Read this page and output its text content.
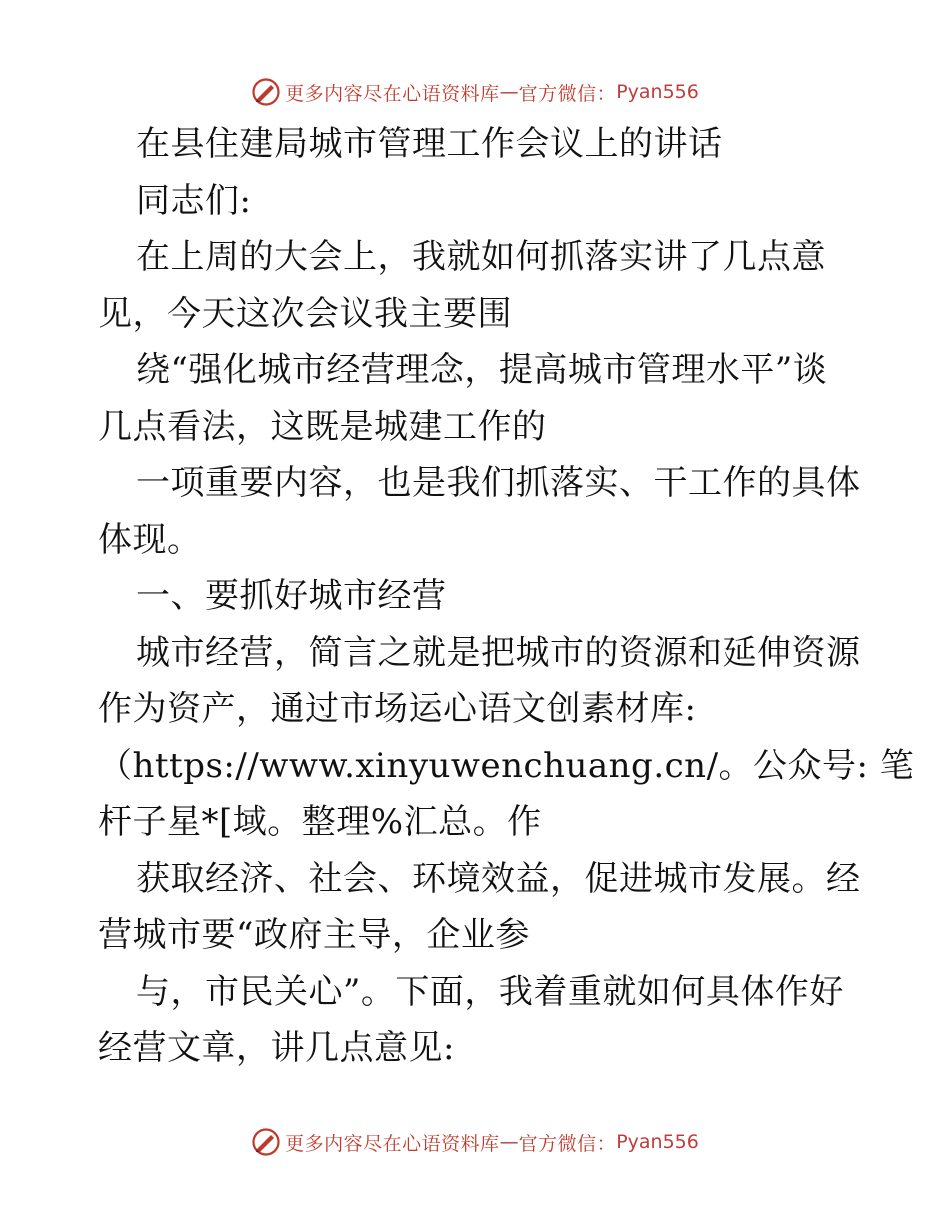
更多内容尽在心语资料库 — 官方微信： Pyan556
在县住建局城市管理工作会议上的讲话
同志们:
在上周的大会上，我就如何抓落实讲了几点意
见，今天这次会议我主要围
绕“强化城市经营理念，提高城市管理水平”谈
几点看法，这既是城建工作的
一项重要内容，也是我们抓落实、干工作的具体
体现。
一、要抓好城市经营
城市经营，简言之就是把城市的资源和延伸资源
作为资产，通过市场运心语文创素材库:
（https://www.xinyuwenchuang.cn/。公众号: 笔
杆子星*[域。整理%汇总。作
获取经济、社会、环境效益，促进城市发展。经
营城市要“政府主导，企业参
与，市民关心”。下面，我着重就如何具体作好
经营文章，讲几点意见:
更多内容尽在心语资料库 — 官方微信： Pyan556
